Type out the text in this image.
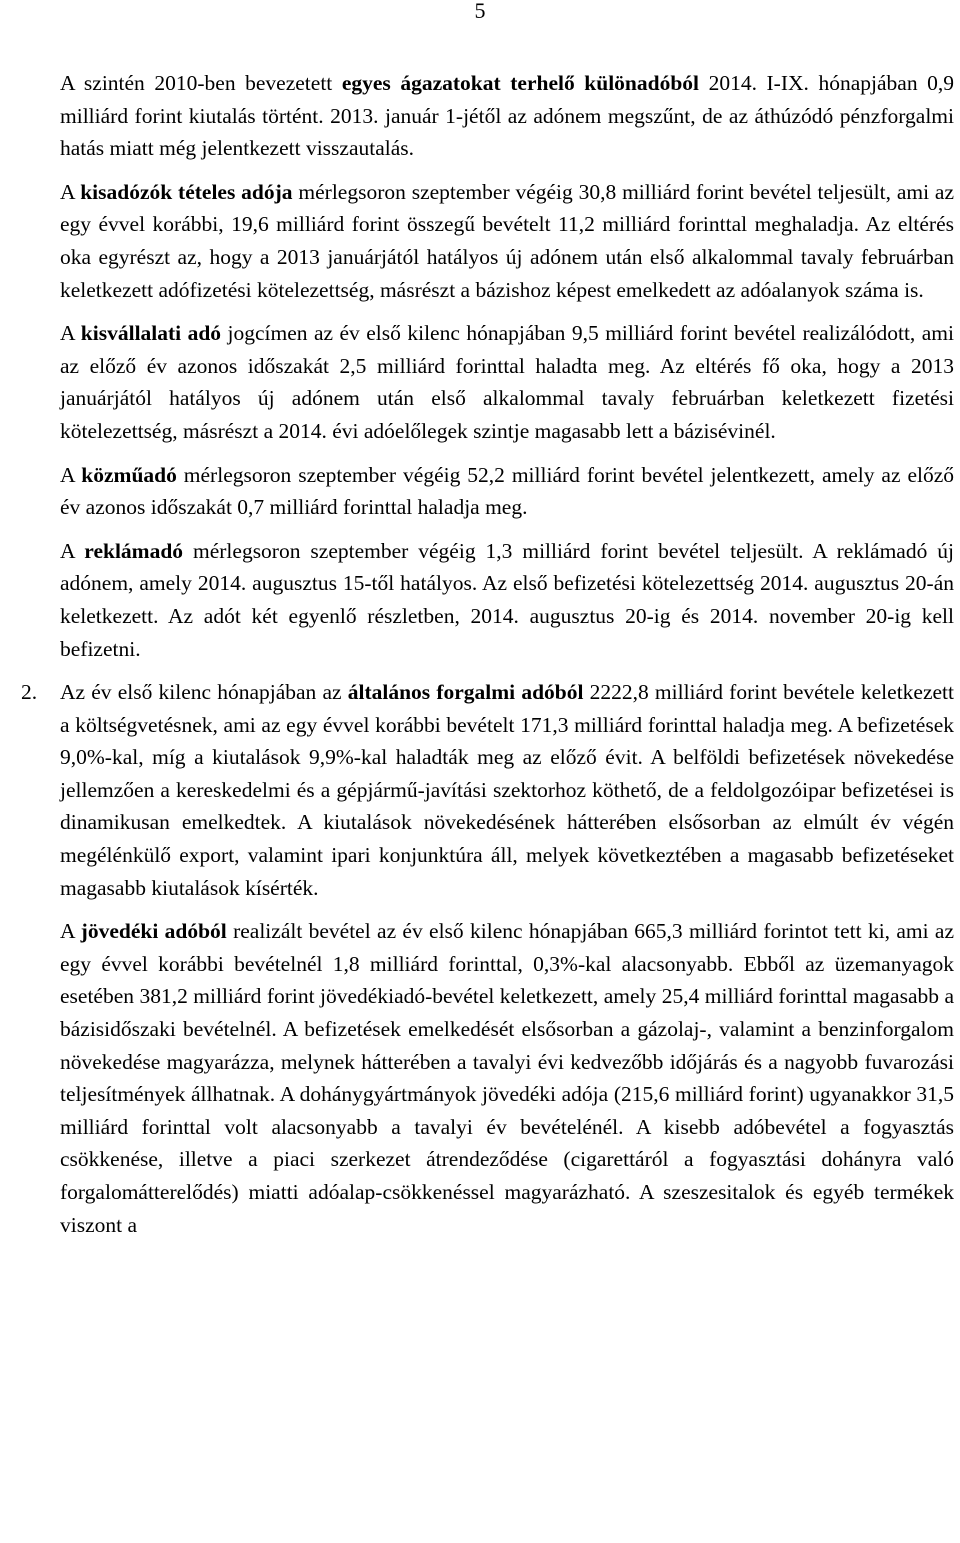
5

A szintén 2010-ben bevezetett egyes ágazatokat terhelő különadóból 2014. I-IX. hónapjában 0,9 milliárd forint kiutalás történt. 2013. január 1-jétől az adónem megszűnt, de az áthúzódó pénzforgalmi hatás miatt még jelentkezett visszautalás.

A kisadózók tételes adója mérlegsoron szeptember végéig 30,8 milliárd forint bevétel teljesült, ami az egy évvel korábbi, 19,6 milliárd forint összegű bevételt 11,2 milliárd forinttal meghaladja. Az eltérés oka egyrészt az, hogy a 2013 januárjától hatályos új adónem után első alkalommal tavaly februárban keletkezett adófizetési kötelezettség, másrészt a bázishoz képest emelkedett az adóalanyok száma is.

A kisvállalati adó jogcímen az év első kilenc hónapjában 9,5 milliárd forint bevétel realizálódott, ami az előző év azonos időszakát 2,5 milliárd forinttal haladta meg. Az eltérés fő oka, hogy a 2013 januárjától hatályos új adónem után első alkalommal tavaly februárban keletkezett fizetési kötelezettség, másrészt a 2014. évi adóelőlegek szintje magasabb lett a bázisévinél.

A közműadó mérlegsoron szeptember végéig 52,2 milliárd forint bevétel jelentkezett, amely az előző év azonos időszakát 0,7 milliárd forinttal haladja meg.

A reklámadó mérlegsoron szeptember végéig 1,3 milliárd forint bevétel teljesült. A reklámadó új adónem, amely 2014. augusztus 15-től hatályos. Az első befizetési kötelezettség 2014. augusztus 20-án keletkezett. Az adót két egyenlő részletben, 2014. augusztus 20-ig és 2014. november 20-ig kell befizetni.

2. Az év első kilenc hónapjában az általános forgalmi adóból 2222,8 milliárd forint bevétele keletkezett a költségvetésnek, ami az egy évvel korábbi bevételt 171,3 milliárd forinttal haladja meg. A befizetések 9,0%-kal, míg a kiutalások 9,9%-kal haladták meg az előző évit. A belföldi befizetések növekedése jellemzően a kereskedelmi és a gépjármű-javítási szektorhoz köthető, de a feldolgozóipar befizetései is dinamikusan emelkedtek. A kiutalások növekedésének hátterében elsősorban az elmúlt év végén megélénkülő export, valamint ipari konjunktúra áll, melyek következtében a magasabb befizetéseket magasabb kiutalások kísérték.

A jövedéki adóból realizált bevétel az év első kilenc hónapjában 665,3 milliárd forintot tett ki, ami az egy évvel korábbi bevételnél 1,8 milliárd forinttal, 0,3%-kal alacsonyabb. Ebből az üzemanyagok esetében 381,2 milliárd forint jövedékiadó-bevétel keletkezett, amely 25,4 milliárd forinttal magasabb a bázisidőszaki bevételnél. A befizetések emelkedését elsősorban a gázolaj-, valamint a benzinforgalom növekedése magyarázza, melynek hátterében a tavalyi évi kedvezőbb időjárás és a nagyobb fuvarozási teljesítmények állhatnak. A dohánygyártmányok jövedéki adója (215,6 milliárd forint) ugyanakkor 31,5 milliárd forinttal volt alacsonyabb a tavalyi év bevételénél. A kisebb adóbevétel a fogyasztás csökkenése, illetve a piaci szerkezet átrendeződése (cigarettáról a fogyasztási dohányra való forgalomátterelődés) miatti adóalap-csökkenéssel magyarázható. A szeszesitalok és egyéb termékek viszont a
